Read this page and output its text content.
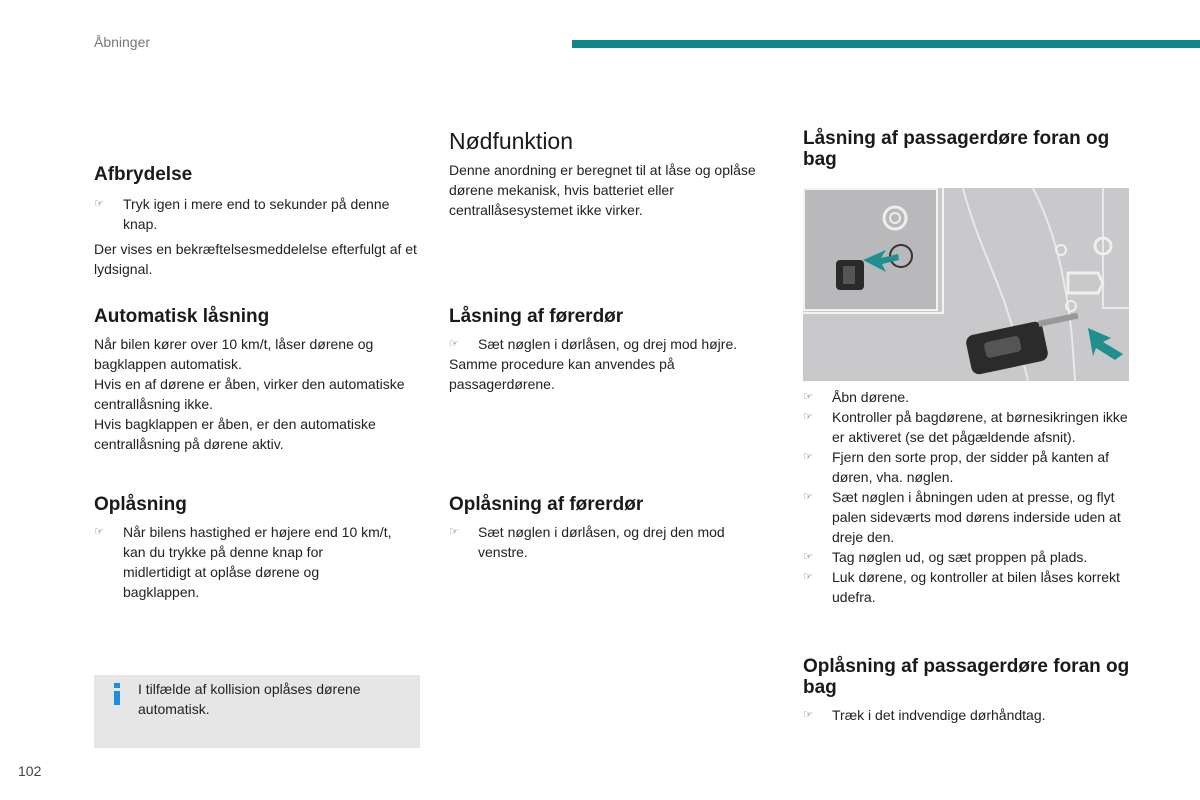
Åbninger
Afbrydelse
☞ Tryk igen i mere end to sekunder på denne knap.

Der vises en bekræftelsesmeddelelse efterfulgt af et lydsignal.

Automatisk låsning

Når bilen kører over 10 km/t, låser dørene og bagklappen automatisk.

Hvis en af dørene er åben, virker den automatiske centrallåsning ikke.

Hvis bagklappen er åben, er den automatiske centrallåsning på dørene aktiv.

Oplåsning
☞ Når bilens hastighed er højere end 10 km/t, kan du trykke på denne knap for midlertidigt at oplåse dørene og bagklappen.
I tilfælde af kollision oplåses dørene automatisk.
Nødfunktion

Denne anordning er beregnet til at låse og oplåse dørene mekanisk, hvis batteriet eller centrallåsesystemet ikke virker.

Låsning af førerdør
☞ Sæt nøglen i dørlåsen, og drej mod højre.

Samme procedure kan anvendes på passagerdørene.

Oplåsning af førerdør
☞ Sæt nøglen i dørlåsen, og drej den mod venstre.
Låsning af passagerdøre foran og bag
☞ Åbn dørene.
☞ Kontroller på bagdørene, at børnesikringen ikke er aktiveret (se det pågældende afsnit).
☞ Fjern den sorte prop, der sidder på kanten af døren, vha. nøglen.
☞ Sæt nøglen i åbningen uden at presse, og flyt palen sideværts mod dørens inderside uden at dreje den.
☞ Tag nøglen ud, og sæt proppen på plads.
☞ Luk dørene, og kontroller at bilen låses korrekt udefra.
Oplåsning af passagerdøre foran og bag
☞ Træk i det indvendige dørhåndtag.
102
